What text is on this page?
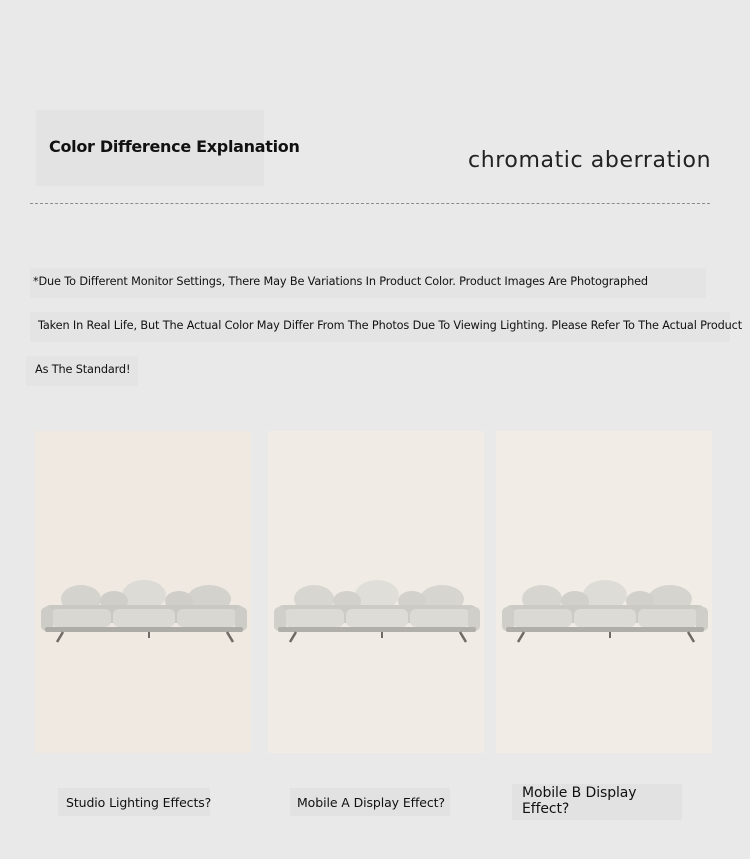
Color Difference Explanation
chromatic aberration
*Due To Different Monitor Settings, There May Be Variations In Product Color. Product Images Are Photographed
Taken In Real Life, But The Actual Color May Differ From The Photos Due To Viewing Lighting. Please Refer To The Actual Product
As The Standard!
Studio Lighting Effects?	Mobile A Display Effect?
Mobile B Display
Effect?
